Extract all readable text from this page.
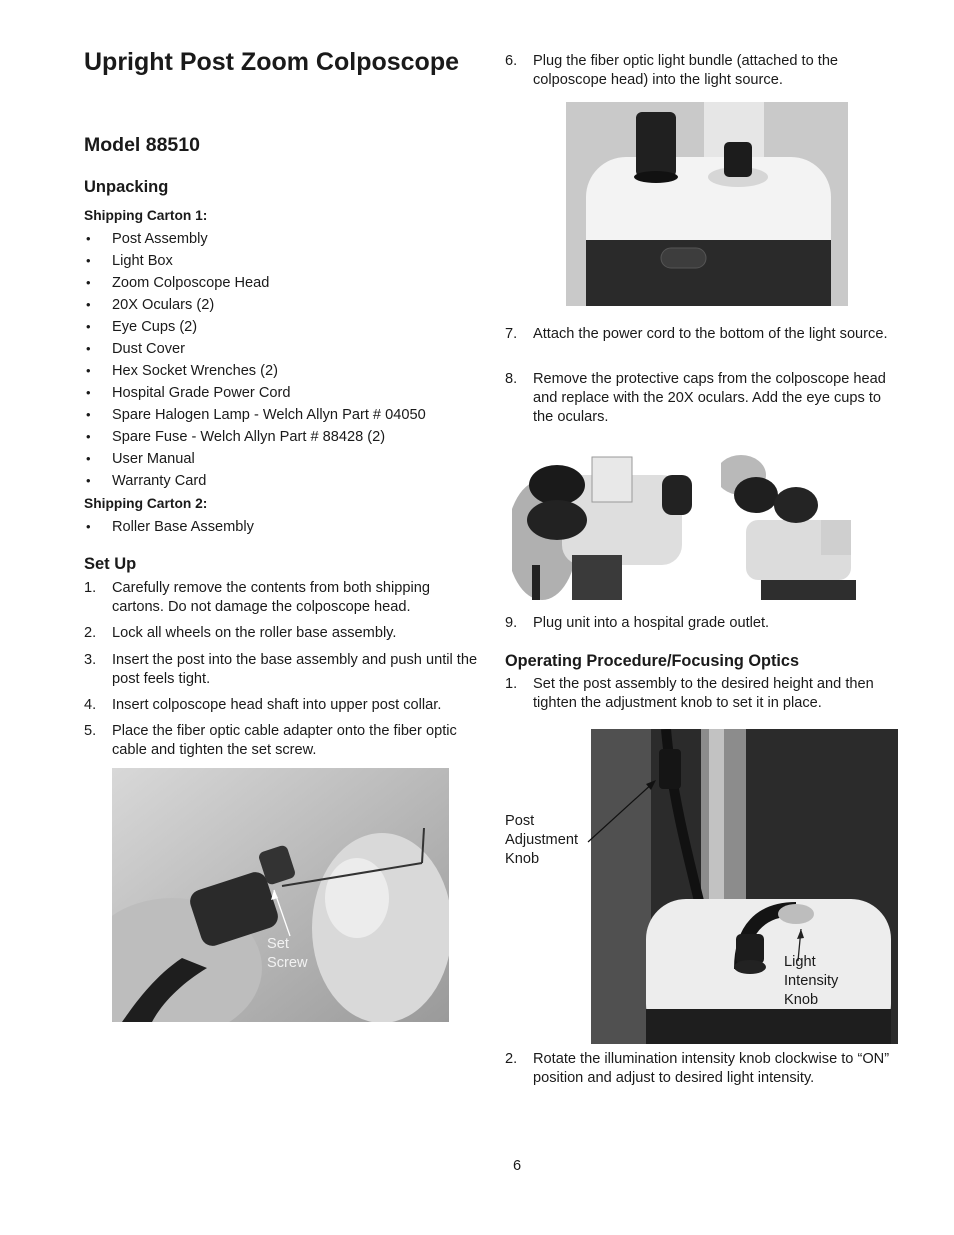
Upright Post Zoom Colposcope
Model 88510
Unpacking
Shipping Carton 1:
• Post Assembly
• Light Box
• Zoom Colposcope Head
• 20X Oculars (2)
• Eye Cups (2)
• Dust Cover
• Hex Socket Wrenches (2)
• Hospital Grade Power Cord
• Spare Halogen Lamp - Welch Allyn Part # 04050
• Spare Fuse - Welch Allyn Part # 88428 (2)
• User Manual
• Warranty Card
Shipping Carton 2:
• Roller Base Assembly
Set Up
1. Carefully remove the contents from both shipping cartons. Do not damage the colposcope head.
2. Lock all wheels on the roller base assembly.
3. Insert the post into the base assembly and push until the post feels tight.
4. Insert colposcope head shaft into upper post collar.
5. Place the fiber optic cable adapter onto the fiber optic cable and tighten the set screw.
Set
Screw
6. Plug the fiber optic light bundle (attached to the colposcope head) into the light source.
7. Attach the power cord to the bottom of the light source.
8. Remove the protective caps from the colposcope head and replace with the 20X oculars. Add the eye cups to the oculars.
9. Plug unit into a hospital grade outlet.
Operating Procedure/Focusing Optics
1. Set the post assembly to the desired height and then tighten the adjustment knob to set it in place.
Post
Adjustment
Knob
Light
Intensity
Knob
2. Rotate the illumination intensity knob clockwise to “ON” position and adjust to desired light intensity.
6
